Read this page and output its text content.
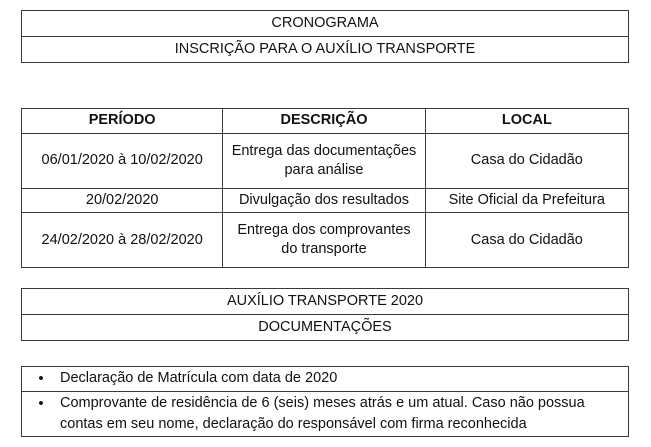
CRONOGRAMA
INSCRIÇÃO PARA O AUXÍLIO TRANSPORTE
PERÍODO	DESCRIÇÃO	LOCAL
06/01/2020 à 10/02/2020	Entrega das documentações para análise	Casa do Cidadão
20/02/2020	Divulgação dos resultados	Site Oficial da Prefeitura
24/02/2020 à 28/02/2020	Entrega dos comprovantes do transporte	Casa do Cidadão
AUXÍLIO TRANSPORTE 2020
DOCUMENTAÇÕES
•	Declaração de Matrícula com data de 2020

•	Comprovante de residência de 6 (seis) meses atrás e um atual. Caso não possua contas em seu nome, declaração do responsável com firma reconhecida
